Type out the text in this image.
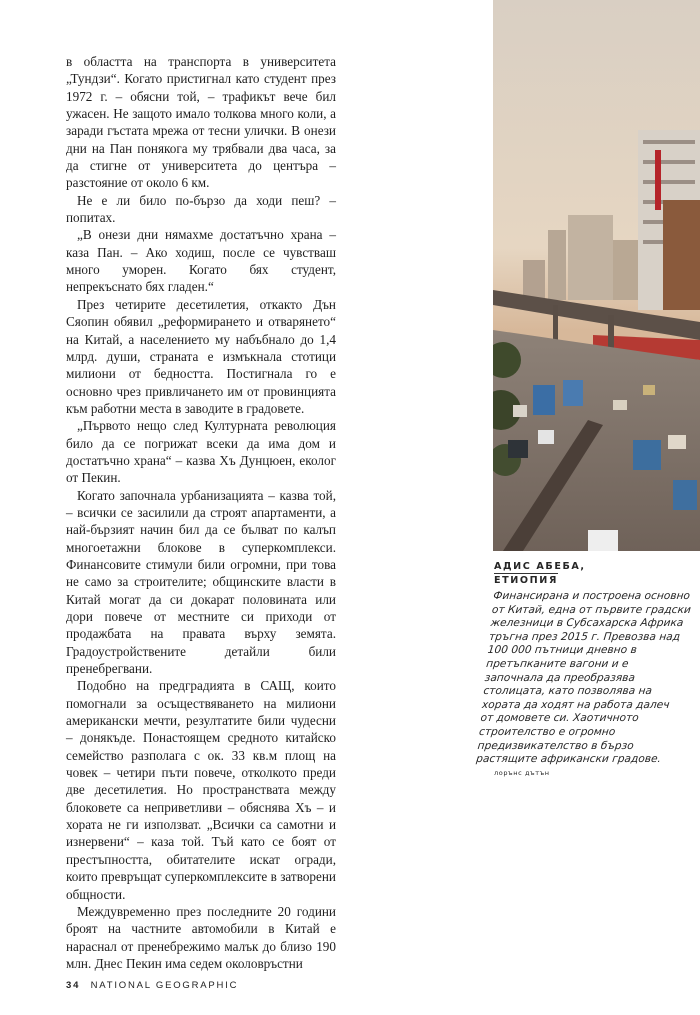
в областта на транспорта в университета „Тундзи“. Когато пристигнал като студент през 1972 г. – обясни той, – трафикът вече бил ужасен. Не защото имало толкова много коли, а заради гъстата мрежа от тесни улички. В онези дни на Пан понякога му трябвали два часа, за да стигне от университета до центъра – разстояние от около 6 км.

Не е ли било по-бързо да ходи пеш? – попитах.

„В онези дни нямахме достатъчно храна – каза Пан. – Ако ходиш, после се чувстваш много уморен. Когато бях студент, непрекъснато бях гладен.“

През четирите десетилетия, откакто Дън Сяопин обявил „реформирането и отварянето“ на Китай, а населението му набъбнало до 1,4 млрд. души, страната е измъкнала стотици милиони от бедността. Постигнала го е основно чрез привличането им от провинцията към работни места в заводите в градовете.

„Първото нещо след Културната революция било да се погрижат всеки да има дом и достатъчно храна“ – казва Хъ Дунцюен, еколог от Пекин.

Когато започнала урбанизацията – казва той, – всички се засилили да строят апартаменти, а най-бързият начин бил да се бълват по калъп многоетажни блокове в суперкомплекси. Финансовите стимули били огромни, при това не само за строителите; общинските власти в Китай могат да си докарат половината или дори повече от местните си приходи от продажбата на правата върху земята. Градоустройствените детайли били пренебрегвани.

Подобно на предградията в САЩ, които помогнали за осъществяването на милиони американски мечти, резултатите били чудесни – донякъде. Понастоящем средното китайско семейство разполага с ок. 33 кв.м площ на човек – четири пъти повече, отколкото преди две десетилетия. Но пространствата между блоковете са неприветливи – обяснява Хъ – и хората не ги използват. „Всички са самотни и изнервени“ – каза той. Тъй като се боят от престъпността, обитателите искат огради, които превръщат суперкомплексите в затворени общности.

Междувременно през последните 20 години броят на частните автомобили в Китай е нараснал от пренебрежимо малък до близо 190 млн. Днес Пекин има седем околовръстни

АДИС АБЕБА,
ЕТИОПИЯ

Финансирана и построена основно от Китай, една от първите градски железници в Субсахарска Африка тръгна през 2015 г. Превозва над 100 000 пътници дневно в претъпканите вагони и е започнала да преобразява столицата, като позволява на хората да ходят на работа далеч от домовете си. Хаотичното строителство е огромно предизвикателство в бързо растящите африкански градове.
лорънс дътън
34 NATIONAL GEOGRAPHIC
